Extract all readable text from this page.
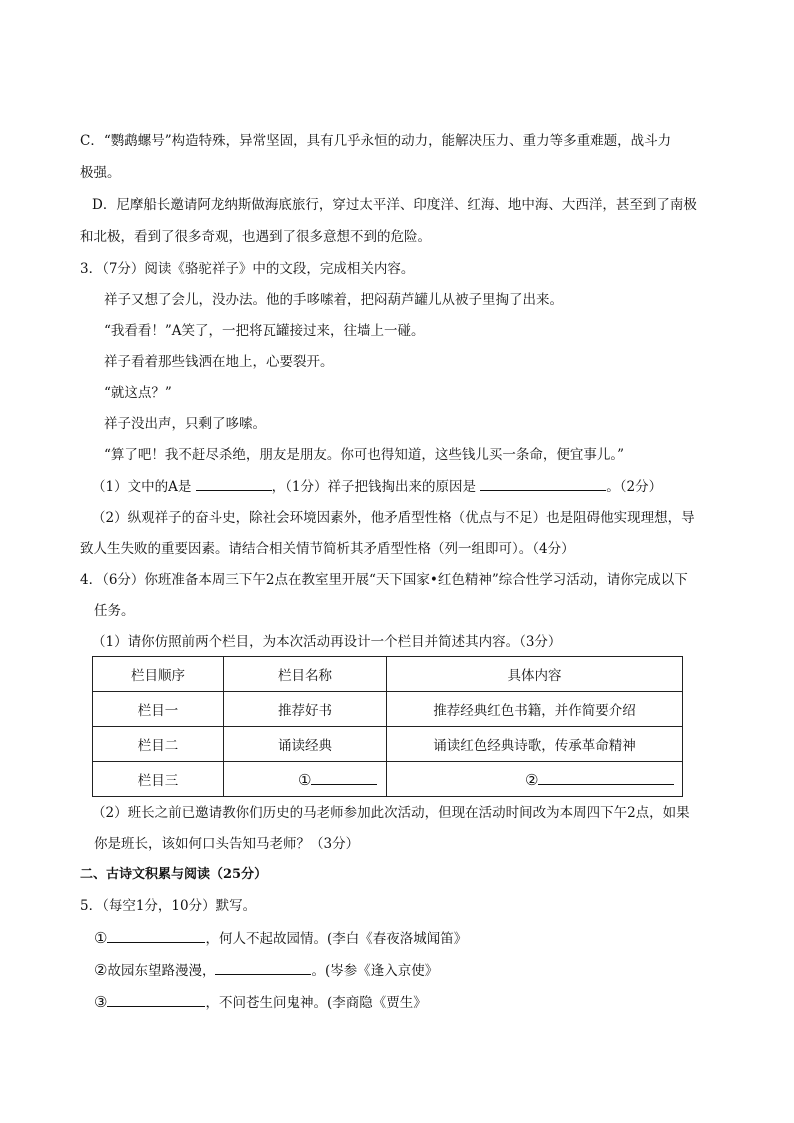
C．“鹦鹉螺号”构造特殊，异常坚固，具有几乎永恒的动力，能解决压力、重力等多重难题，战斗力
极强。
D．尼摩船长邀请阿龙纳斯做海底旅行，穿过太平洋、印度洋、红海、地中海、大西洋，甚至到了南极
和北极，看到了很多奇观，也遇到了很多意想不到的危险。
3．（7分）阅读《骆驼祥子》中的文段，完成相关内容。
祥子又想了会儿，没办法。他的手哆嗦着，把闷葫芦罐儿从被子里掏了出来。
“我看看！”A笑了，一把将瓦罐接过来，往墙上一碰。
祥子看着那些钱洒在地上，心要裂开。
“就这点？”
祥子没出声，只剩了哆嗦。
“算了吧！我不赶尽杀绝，朋友是朋友。你可也得知道，这些钱儿买一条命，便宜事儿。”
（1）文中的A是	，（1分）祥子把钱掏出来的原因是	。（2分）
（2）纵观祥子的奋斗史，除社会环境因素外，他矛盾型性格（优点与不足）也是阻碍他实现理想，导
致人生失败的重要因素。请结合相关情节简析其矛盾型性格（列一组即可）。（4分）
4．（6分）你班准备本周三下午2点在教室里开展“天下国家•红色精神”综合性学习活动，请你完成以下
任务。
（1）请你仿照前两个栏目，为本次活动再设计一个栏目并简述其内容。（3分）
栏目顺序	栏目名称	具体内容
栏目一	推荐好书	推荐经典红色书籍，并作简要介绍
栏目二	诵读经典	诵读红色经典诗歌，传承革命精神
栏目三	①	②
（2）班长之前已邀请教你们历史的马老师参加此次活动，但现在活动时间改为本周四下午2点，如果
你是班长，该如何口头告知马老师？（3分）
二、古诗文积累与阅读（25分）
5．（每空1分，10分）默写。
①	，何人不起故园情。(李白《春夜洛城闻笛》
②故园东望路漫漫，	。(岑参《逢入京使》
③	，不问苍生问鬼神。(李商隐《贾生》
